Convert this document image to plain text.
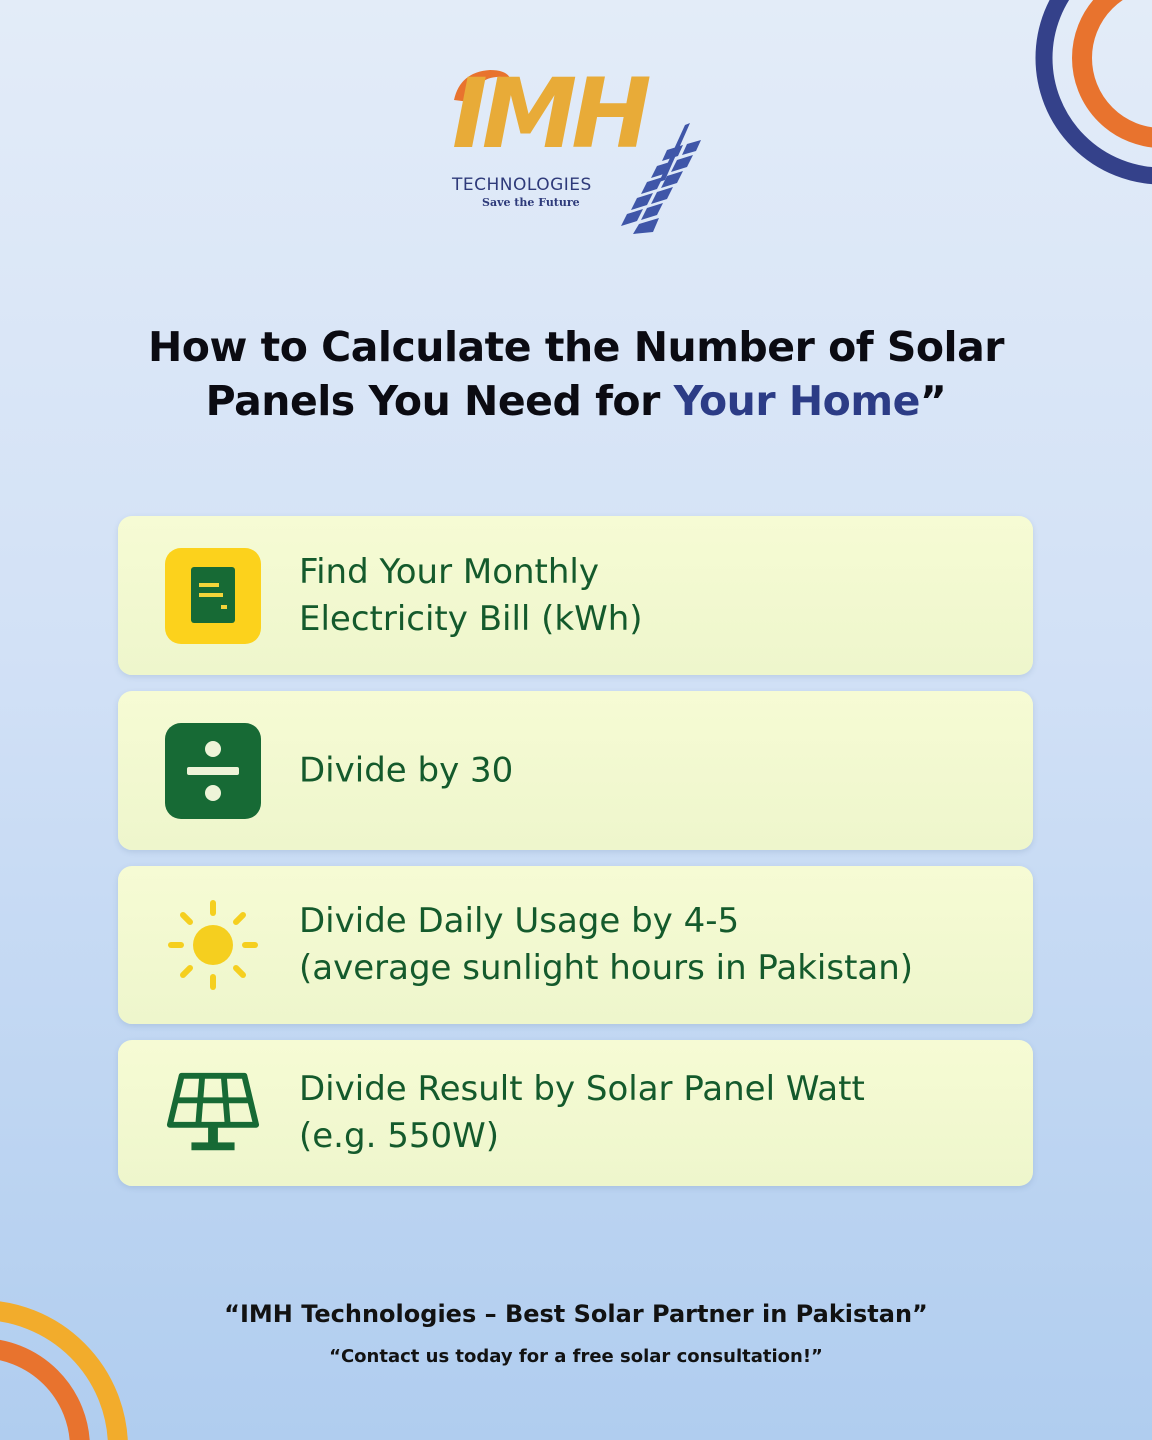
IMH
TECHNOLOGIES
Save the Future
How to Calculate the Number of Solar
Panels You Need for Your Home”
Find Your Monthly
Electricity Bill (kWh)
Divide by 30
Divide Daily Usage by 4-5
(average sunlight hours in Pakistan)
Divide Result by Solar Panel Watt
(e.g. 550W)
“IMH Technologies – Best Solar Partner in Pakistan”
“Contact us today for a free solar consultation!”
